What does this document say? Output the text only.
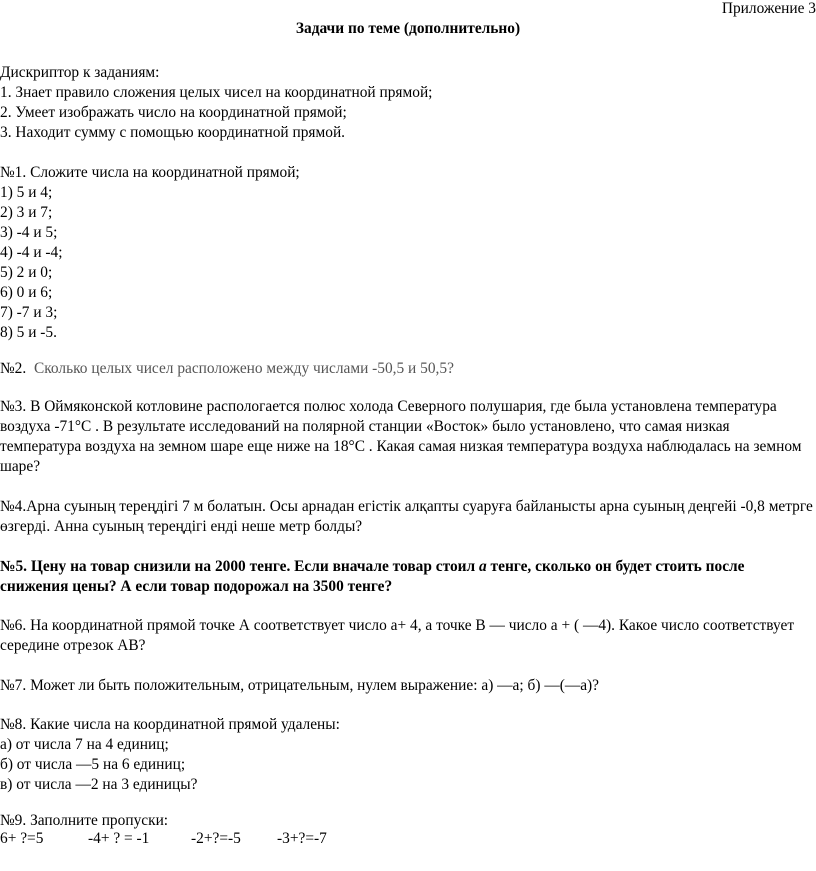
Приложение 3
Задачи по теме (дополнительно)
Дискриптор к заданиям:
1. Знает правило сложения целых чисел на координатной прямой;
2. Умеет изображать число на координатной прямой;
3. Находит сумму с помощью координатной прямой.
№1. Сложите числа на координатной прямой;
1) 5 и 4;
2) 3 и 7;
3) -4 и 5;
4) -4 и -4;
5) 2 и 0;
6) 0 и 6;
7) -7 и 3;
8) 5 и -5.
№2. Сколько целых чисел расположено между числами -50,5 и 50,5?
№3. В Оймяконской котловине распологается полюс холода Северного полушария, где была установлена температура воздуха -71°С . В результате исследований на полярной станции «Восток» было установлено, что самая низкая температура воздуха на земном шаре еще ниже на 18°С . Какая самая низкая температура воздуха наблюдалась на земном шаре?
№4.Арна суының тереңдігі 7 м болатын. Осы арнадан егістік алқапты суаруға байланысты арна суының деңгейі -0,8 метрге өзгерді. Анна суының тереңдігі енді неше метр болды?
№5. Цену на товар снизили на 2000 тенге. Если вначале товар стоил а тенге, сколько он будет стоить после снижения цены? А если товар подорожал на 3500 тенге?
№6. На координатной прямой точке А соответствует число а+ 4, а точке В — число а + ( —4). Какое число соответствует середине отрезок АВ?
№7. Может ли быть положительным, отрицательным, нулем выражение: а) —а; б) —(—а)?
№8. Какие числа на координатной прямой удалены:
а) от числа 7 на 4 единиц;
б) от числа —5 на 6 единиц;
в) от числа —2 на 3 единицы?
№9. Заполните пропуски:
6+ ?=5	-4+ ? = -1	-2+?=-5 -3+?=-7
